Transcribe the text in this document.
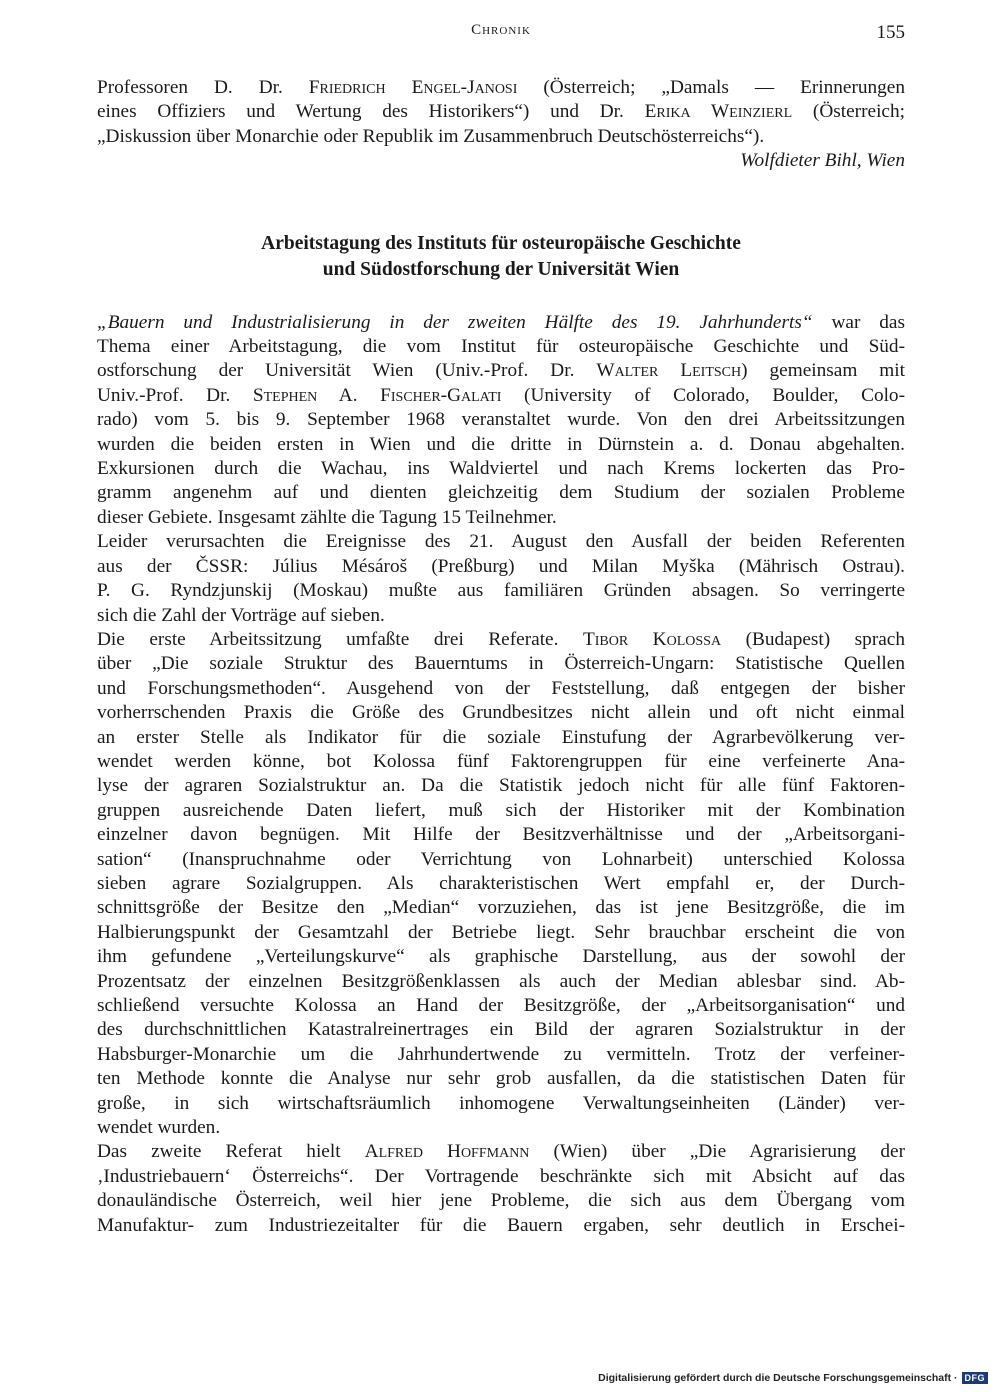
Chronik	155

Professoren D. Dr. Friedrich Engel-Janosi (Österreich; „Damals — Erinnerungen
eines Offiziers und Wertung des Historikers“) und Dr. Erika Weinzierl (Österreich;
„Diskussion über Monarchie oder Republik im Zusammenbruch Deutschösterreichs“).

Wolfdieter Bihl, Wien

Arbeitstagung des Instituts für osteuropäische Geschichte

und Südostforschung der Universität Wien

„Bauern und Industrialisierung in der zweiten Hälfte des 19. Jahrhunderts“ war das
Thema einer Arbeitstagung, die vom Institut für osteuropäische Geschichte und Süd-
ostforschung der Universität Wien (Univ.-Prof. Dr. Walter Leitsch) gemeinsam mit
Univ.-Prof. Dr. Stephen A. Fischer-Galati (University of Colorado, Boulder, Colo-
rado) vom 5. bis 9. September 1968 veranstaltet wurde. Von den drei Arbeitssitzungen
wurden die beiden ersten in Wien und die dritte in Dürnstein a. d. Donau abgehalten.
Exkursionen durch die Wachau, ins Waldviertel und nach Krems lockerten das Pro-
gramm angenehm auf und dienten gleichzeitig dem Studium der sozialen Probleme
dieser Gebiete. Insgesamt zählte die Tagung 15 Teilnehmer.

Leider verursachten die Ereignisse des 21. August den Ausfall der beiden Referenten
aus der ČSSR: Július Mésároš (Preßburg) und Milan Myška (Mährisch Ostrau).
P. G. Ryndzjunskij (Moskau) mußte aus familiären Gründen absagen. So verringerte
sich die Zahl der Vorträge auf sieben.

Die erste Arbeitssitzung umfaßte drei Referate. Tibor Kolossa (Budapest) sprach
über „Die soziale Struktur des Bauerntums in Österreich-Ungarn: Statistische Quellen
und Forschungsmethoden“. Ausgehend von der Feststellung, daß entgegen der bisher
vorherrschenden Praxis die Größe des Grundbesitzes nicht allein und oft nicht einmal
an erster Stelle als Indikator für die soziale Einstufung der Agrarbevölkerung ver-
wendet werden könne, bot Kolossa fünf Faktorengruppen für eine verfeinerte Ana-
lyse der agraren Sozialstruktur an. Da die Statistik jedoch nicht für alle fünf Faktoren-
gruppen ausreichende Daten liefert, muß sich der Historiker mit der Kombination
einzelner davon begnügen. Mit Hilfe der Besitzverhältnisse und der „Arbeitsorgani-
sation“ (Inanspruchnahme oder Verrichtung von Lohnarbeit) unterschied Kolossa
sieben agrare Sozialgruppen. Als charakteristischen Wert empfahl er, der Durch-
schnittsgröße der Besitze den „Median“ vorzuziehen, das ist jene Besitzgröße, die im
Halbierungspunkt der Gesamtzahl der Betriebe liegt. Sehr brauchbar erscheint die von
ihm gefundene „Verteilungskurve“ als graphische Darstellung, aus der sowohl der
Prozentsatz der einzelnen Besitzgrößenklassen als auch der Median ablesbar sind. Ab-
schließend versuchte Kolossa an Hand der Besitzgröße, der „Arbeitsorganisation“ und
des durchschnittlichen Katastralreinertrages ein Bild der agraren Sozialstruktur in der
Habsburger-Monarchie um die Jahrhundertwende zu vermitteln. Trotz der verfeiner-
ten Methode konnte die Analyse nur sehr grob ausfallen, da die statistischen Daten für
große, in sich wirtschaftsräumlich inhomogene Verwaltungseinheiten (Länder) ver-
wendet wurden.

Das zweite Referat hielt Alfred Hoffmann (Wien) über „Die Agrarisierung der
‚Industriebauern‘ Österreichs“. Der Vortragende beschränkte sich mit Absicht auf das
donauländische Österreich, weil hier jene Probleme, die sich aus dem Übergang vom
Manufaktur- zum Industriezeitalter für die Bauern ergaben, sehr deutlich in Erschei-

Digitalisierung gefördert durch die Deutsche Forschungsgemeinschaft · DFG
